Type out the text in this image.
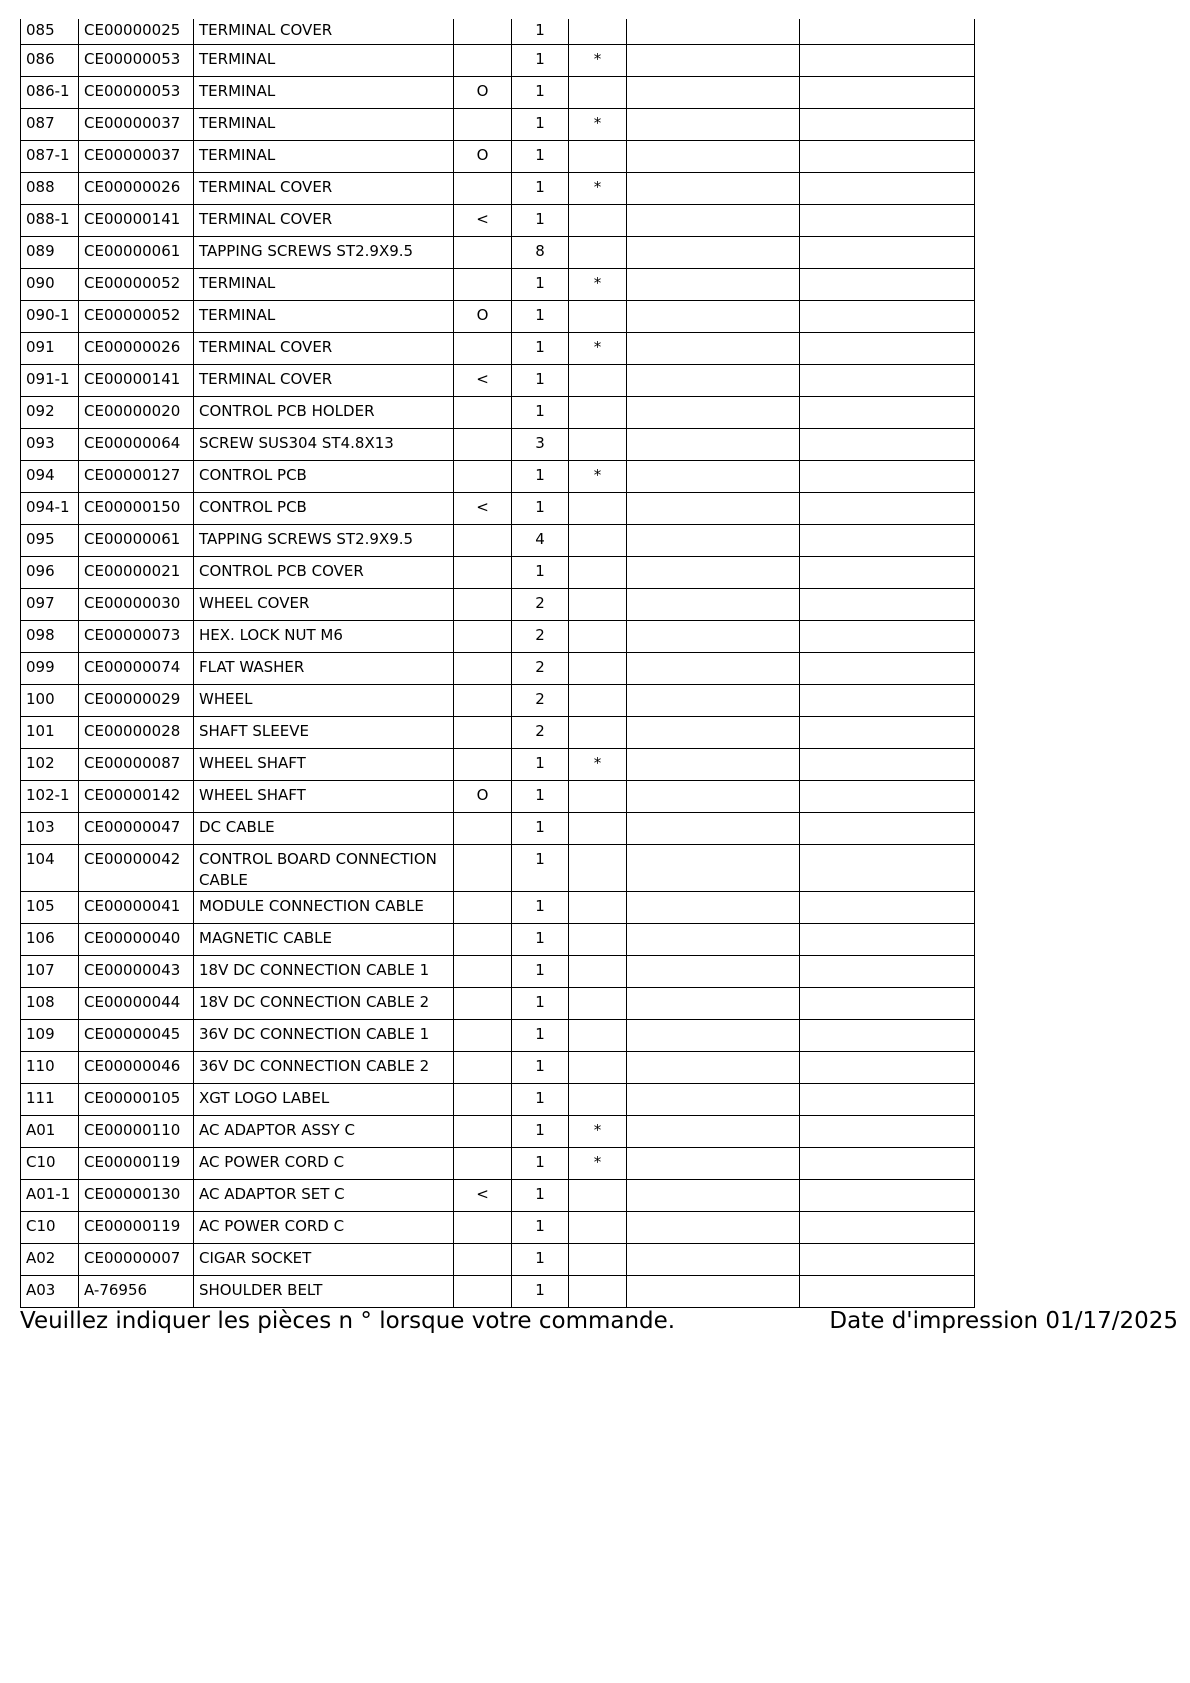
085	CE00000025	TERMINAL COVER		1			
086	CE00000053	TERMINAL		1	*		
086-1	CE00000053	TERMINAL	O	1			
087	CE00000037	TERMINAL		1	*		
087-1	CE00000037	TERMINAL	O	1			
088	CE00000026	TERMINAL COVER		1	*		
088-1	CE00000141	TERMINAL COVER	<	1			
089	CE00000061	TAPPING SCREWS ST2.9X9.5		8			
090	CE00000052	TERMINAL		1	*		
090-1	CE00000052	TERMINAL	O	1			
091	CE00000026	TERMINAL COVER		1	*		
091-1	CE00000141	TERMINAL COVER	<	1			
092	CE00000020	CONTROL PCB HOLDER		1			
093	CE00000064	SCREW SUS304 ST4.8X13		3			
094	CE00000127	CONTROL PCB		1	*		
094-1	CE00000150	CONTROL PCB	<	1			
095	CE00000061	TAPPING SCREWS ST2.9X9.5		4			
096	CE00000021	CONTROL PCB COVER		1			
097	CE00000030	WHEEL COVER		2			
098	CE00000073	HEX. LOCK NUT M6		2			
099	CE00000074	FLAT WASHER		2			
100	CE00000029	WHEEL		2			
101	CE00000028	SHAFT SLEEVE		2			
102	CE00000087	WHEEL SHAFT		1	*		
102-1	CE00000142	WHEEL SHAFT	O	1			
103	CE00000047	DC CABLE		1			
104	CE00000042	CONTROL BOARD CONNECTION CABLE		1			
105	CE00000041	MODULE CONNECTION CABLE		1			
106	CE00000040	MAGNETIC CABLE		1			
107	CE00000043	18V DC CONNECTION CABLE 1		1			
108	CE00000044	18V DC CONNECTION CABLE 2		1			
109	CE00000045	36V DC CONNECTION CABLE 1		1			
110	CE00000046	36V DC CONNECTION CABLE 2		1			
111	CE00000105	XGT LOGO LABEL		1			
A01	CE00000110	AC ADAPTOR ASSY C		1	*		
C10	CE00000119	AC POWER CORD C		1	*		
A01-1	CE00000130	AC ADAPTOR SET C	<	1			
C10	CE00000119	AC POWER CORD C		1			
A02	CE00000007	CIGAR SOCKET		1			
A03	A-76956	SHOULDER BELT		1			
Veuillez indiquer les pièces n ° lorsque votre commande.	Date d'impression 01/17/2025
